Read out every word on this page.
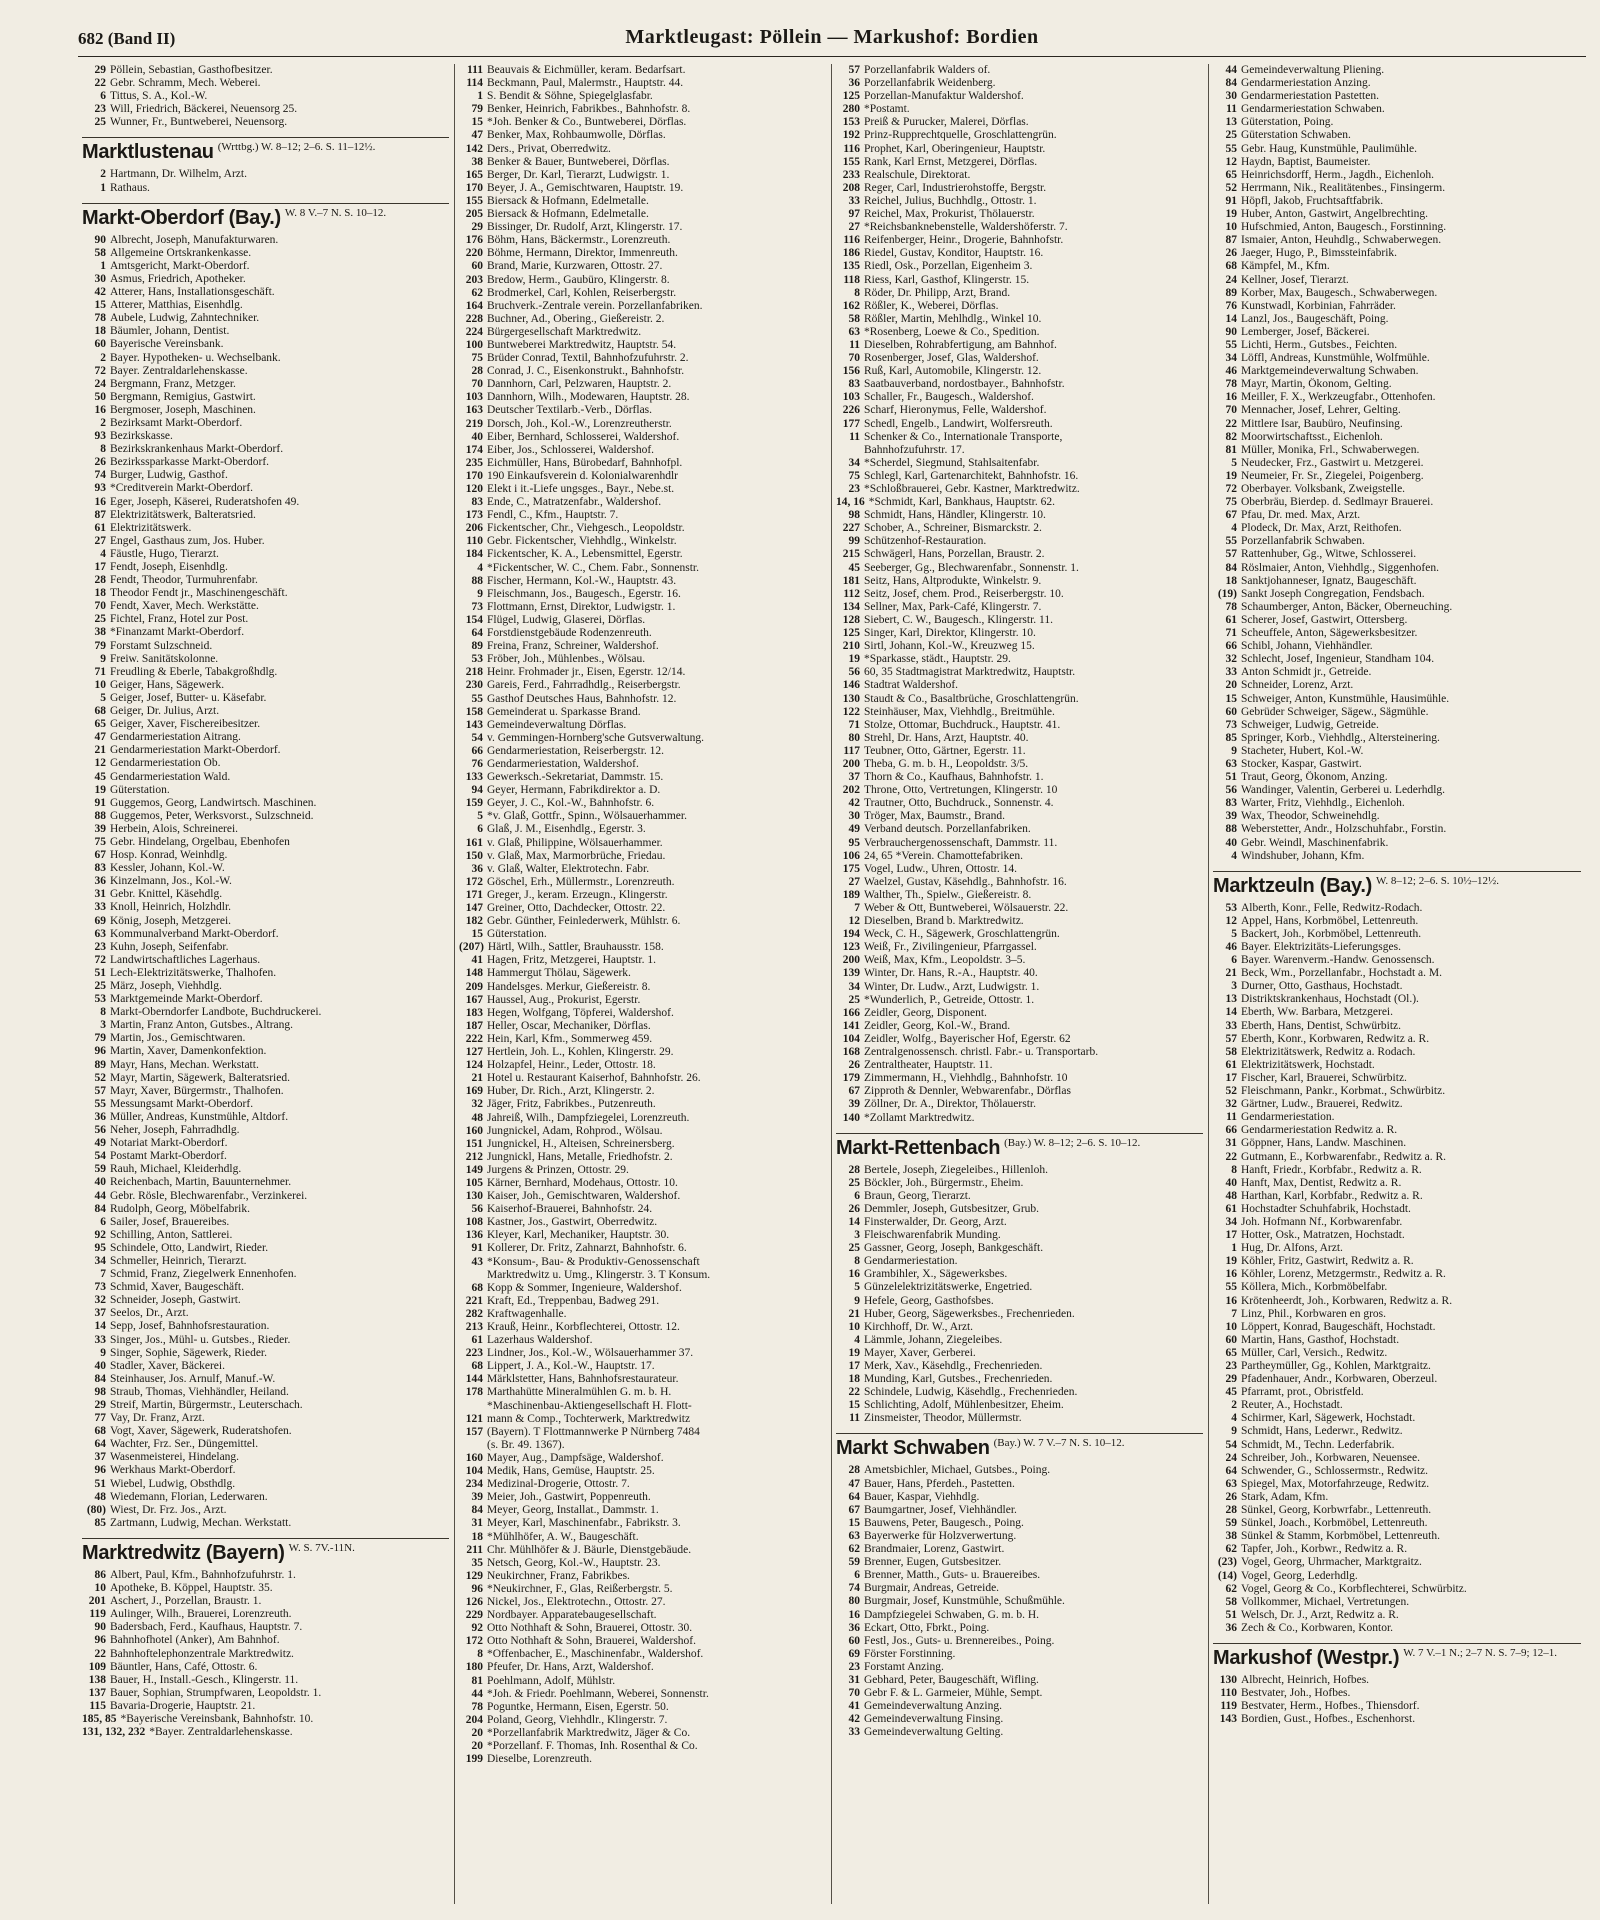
682 (Band II)	Marktleugast: Pöllein — Markushof: Bordien
29 Pöllein, Sebastian, Gasthofbesitzer.
22 Gebr. Schramm, Mech. Weberei.
6 Tittus, S. A., Kol.-W.
23 Will, Friedrich, Bäckerei, Neuensorg 25.
25 Wunner, Fr., Buntweberei, Neuensorg.
Marktlustenau (Wrttbg.) W. 8–12; 2–6. S. 11–12½.
2 Hartmann, Dr. Wilhelm, Arzt.
1 Rathaus.
Markt-Oberdorf (Bay.) W. 8 V.–7 N. S. 10–12.
90 Albrecht, Joseph, Manufakturwaren.
58 Allgemeine Ortskrankenkasse.
1 Amtsgericht, Markt-Oberdorf.
30 Asmus, Friedrich, Apotheker.
42 Atterer, Hans, Installationsgeschäft.
15 Atterer, Matthias, Eisenhdlg.
78 Aubele, Ludwig, Zahntechniker.
18 Bäumler, Johann, Dentist.
60 Bayerische Vereinsbank.
2 Bayer. Hypotheken- u. Wechselbank.
72 Bayer. Zentraldarlehenskasse.
24 Bergmann, Franz, Metzger.
50 Bergmann, Remigius, Gastwirt.
16 Bergmoser, Joseph, Maschinen.
2 Bezirksamt Markt-Oberdorf.
93 Bezirkskasse.
8 Bezirkskrankenhaus Markt-Oberdorf.
26 Bezirkssparkasse Markt-Oberdorf.
74 Burger, Ludwig, Gasthof.
93 *Creditverein Markt-Oberdorf.
16 Eger, Joseph, Käserei, Ruderatshofen 49.
87 Elektrizitätswerk, Balteratsried.
61 Elektrizitätswerk.
27 Engel, Gasthaus zum, Jos. Huber.
4 Fäustle, Hugo, Tierarzt.
17 Fendt, Joseph, Eisenhdlg.
28 Fendt, Theodor, Turmuhrenfabr.
18 Theodor Fendt jr., Maschinengeschäft.
70 Fendt, Xaver, Mech. Werkstätte.
25 Fichtel, Franz, Hotel zur Post.
38 *Finanzamt Markt-Oberdorf.
79 Forstamt Sulzschneid.
9 Freiw. Sanitätskolonne.
71 Freudling & Eberle, Tabakgroßhdlg.
10 Geiger, Hans, Sägewerk.
5 Geiger, Josef, Butter- u. Käsefabr.
68 Geiger, Dr. Julius, Arzt.
65 Geiger, Xaver, Fischereibesitzer.
47 Gendarmeriestation Aitrang.
21 Gendarmeriestation Markt-Oberdorf.
12 Gendarmeriestation Ob.
45 Gendarmeriestation Wald.
19 Güterstation.
91 Guggemos, Georg, Landwirtsch. Maschinen.
88 Guggemos, Peter, Werksvorst., Sulzschneid.
39 Herbein, Alois, Schreinerei.
75 Gebr. Hindelang, Orgelbau, Ebenhofen
67 Hosp. Konrad, Weinhdlg.
83 Kessler, Johann, Kol.-W.
36 Kinzelmann, Jos., Kol.-W.
31 Gebr. Knittel, Käsehdlg.
33 Knoll, Heinrich, Holzhdlr.
69 König, Joseph, Metzgerei.
63 Kommunalverband Markt-Oberdorf.
23 Kuhn, Joseph, Seifenfabr.
72 Landwirtschaftliches Lagerhaus.
51 Lech-Elektrizitätswerke, Thalhofen.
25 März, Joseph, Viehhdlg.
53 Marktgemeinde Markt-Oberdorf.
8 Markt-Oberndorfer Landbote, Buchdruckerei.
3 Martin, Franz Anton, Gutsbes., Altrang.
79 Martin, Jos., Gemischtwaren.
96 Martin, Xaver, Damenkonfektion.
89 Mayr, Hans, Mechan. Werkstatt.
52 Mayr, Martin, Sägewerk, Balteratsried.
57 Mayr, Xaver, Bürgermstr., Thalhofen.
55 Messungsamt Markt-Oberdorf.
36 Müller, Andreas, Kunstmühle, Altdorf.
56 Neher, Joseph, Fahrradhdlg.
49 Notariat Markt-Oberdorf.
54 Postamt Markt-Oberdorf.
59 Rauh, Michael, Kleiderhdlg.
40 Reichenbach, Martin, Bauunternehmer.
44 Gebr. Rösle, Blechwarenfabr., Verzinkerei.
84 Rudolph, Georg, Möbelfabrik.
6 Sailer, Josef, Brauereibes.
92 Schilling, Anton, Sattlerei.
95 Schindele, Otto, Landwirt, Rieder.
34 Schmeller, Heinrich, Tierarzt.
7 Schmid, Franz, Ziegelwerk Ennenhofen.
73 Schmid, Xaver, Baugeschäft.
32 Schneider, Joseph, Gastwirt.
37 Seelos, Dr., Arzt.
14 Sepp, Josef, Bahnhofsrestauration.
33 Singer, Jos., Mühl- u. Gutsbes., Rieder.
9 Singer, Sophie, Sägewerk, Rieder.
40 Stadler, Xaver, Bäckerei.
84 Steinhauser, Jos. Arnulf, Manuf.-W.
98 Straub, Thomas, Viehhändler, Heiland.
29 Streif, Martin, Bürgermstr., Leuterschach.
77 Vay, Dr. Franz, Arzt.
68 Vogt, Xaver, Sägewerk, Ruderatshofen.
64 Wachter, Frz. Ser., Düngemittel.
37 Wasenmeisterei, Hindelang.
96 Werkhaus Markt-Oberdorf.
51 Wiebel, Ludwig, Obsthdlg.
48 Wiedemann, Florian, Lederwaren.
(80) Wiest, Dr. Frz. Jos., Arzt.
85 Zartmann, Ludwig, Mechan. Werkstatt.
Marktredwitz (Bayern) W. S. 7V.-11N.
86 Albert, Paul, Kfm., Bahnhofzufuhrstr. 1.
10 Apotheke, B. Köppel, Hauptstr. 35.
201 Aschert, J., Porzellan, Braustr. 1.
119 Aulinger, Wilh., Brauerei, Lorenzreuth.
90 Badersbach, Ferd., Kaufhaus, Hauptstr. 7.
96 Bahnhofhotel (Anker), Am Bahnhof.
22 Bahnhoftelephonzentrale Marktredwitz.
109 Bäuntler, Hans, Café, Ottostr. 6.
138 Bauer, H., Install.-Gesch., Klingerstr. 11.
137 Bauer, Sophian, Strumpfwaren, Leopoldstr. 1.
115 Bavaria-Drogerie, Hauptstr. 21.
185, 85 *Bayerische Vereinsbank, Bahnhofstr. 10.
131, 132, 232 *Bayer. Zentraldarlehenskasse.
111 Beauvais & Eichmüller, keram. Bedarfsart.
114 Beckmann, Paul, Malermstr., Hauptstr. 44.
1 S. Bendit & Söhne, Spiegelglasfabr.
79 Benker, Heinrich, Fabrikbes., Bahnhofstr. 8.
15 *Joh. Benker & Co., Buntweberei, Dörflas.
47 Benker, Max, Rohbaumwolle, Dörflas.
142 Ders., Privat, Oberredwitz.
38 Benker & Bauer, Buntweberei, Dörflas.
165 Berger, Dr. Karl, Tierarzt, Ludwigstr. 1.
170 Beyer, J. A., Gemischtwaren, Hauptstr. 19.
155 Biersack & Hofmann, Edelmetalle.
205 Biersack & Hofmann, Edelmetalle.
29 Bissinger, Dr. Rudolf, Arzt, Klingerstr. 17.
176 Böhm, Hans, Bäckermstr., Lorenzreuth.
220 Böhme, Hermann, Direktor, Immenreuth.
60 Brand, Marie, Kurzwaren, Ottostr. 27.
203 Bredow, Herm., Gaubüro, Klingerstr. 8.
62 Brodmerkel, Carl, Kohlen, Reiserbergstr.
164 Bruchverk.-Zentrale verein. Porzellanfabriken.
228 Buchner, Ad., Obering., Gießereistr. 2.
224 Bürgergesellschaft Marktredwitz.
100 Buntweberei Marktredwitz, Hauptstr. 54.
75 Brüder Conrad, Textil, Bahnhofzufuhrstr. 2.
28 Conrad, J. C., Eisenkonstrukt., Bahnhofstr.
70 Dannhorn, Carl, Pelzwaren, Hauptstr. 2.
103 Dannhorn, Wilh., Modewaren, Hauptstr. 28.
163 Deutscher Textilarb.-Verb., Dörflas.
219 Dorsch, Joh., Kol.-W., Lorenzreutherstr.
40 Eiber, Bernhard, Schlosserei, Waldershof.
174 Eiber, Jos., Schlosserei, Waldershof.
235 Eichmüller, Hans, Bürobedarf, Bahnhofpl.
170 190 Einkaufsverein d. Kolonialwarenhdlr
120 Elekt i it.-Liefe ungsges., Bayr., Nebe.st.
83 Ende, C., Matratzenfabr., Waldershof.
173 Fendl, C., Kfm., Hauptstr. 7.
206 Fickentscher, Chr., Viehgesch., Leopoldstr.
110 Gebr. Fickentscher, Viehhdlg., Winkelstr.
184 Fickentscher, K. A., Lebensmittel, Egerstr.
4 *Fickentscher, W. C., Chem. Fabr., Sonnenstr.
88 Fischer, Hermann, Kol.-W., Hauptstr. 43.
9 Fleischmann, Jos., Baugesch., Egerstr. 16.
73 Flottmann, Ernst, Direktor, Ludwigstr. 1.
154 Flügel, Ludwig, Glaserei, Dörflas.
64 Forstdienstgebäude Rodenzenreuth.
89 Freina, Franz, Schreiner, Waldershof.
53 Fröber, Joh., Mühlenbes., Wölsau.
218 Heinr. Frohmader jr., Eisen, Egerstr. 12/14.
230 Gareis, Ferd., Fahrradhdlg., Reiserbergstr.
55 Gasthof Deutsches Haus, Bahnhofstr. 12.
158 Gemeinderat u. Sparkasse Brand.
143 Gemeindeverwaltung Dörflas.
54 v. Gemmingen-Hornberg'sche Gutsverwaltung.
66 Gendarmeriestation, Reiserbergstr. 12.
76 Gendarmeriestation, Waldershof.
133 Gewerksch.-Sekretariat, Dammstr. 15.
94 Geyer, Hermann, Fabrikdirektor a. D.
159 Geyer, J. C., Kol.-W., Bahnhofstr. 6.
5 *v. Glaß, Gottfr., Spinn., Wölsauerhammer.
6 Glaß, J. M., Eisenhdlg., Egerstr. 3.
161 v. Glaß, Philippine, Wölsauerhammer.
150 v. Glaß, Max, Marmorbrüche, Friedau.
36 v. Glaß, Walter, Elektrotechn. Fabr.
172 Göschel, Erh., Müllermstr., Lorenzreuth.
171 Greger, J., keram. Erzeugn., Klingerstr.
147 Greiner, Otto, Dachdecker, Ottostr. 22.
182 Gebr. Günther, Feinlederwerk, Mühlstr. 6.
15 Güterstation.
(207) Härtl, Wilh., Sattler, Brauhausstr. 158.
41 Hagen, Fritz, Metzgerei, Hauptstr. 1.
148 Hammergut Thölau, Sägewerk.
209 Handelsges. Merkur, Gießereistr. 8.
167 Haussel, Aug., Prokurist, Egerstr.
183 Hegen, Wolfgang, Töpferei, Waldershof.
187 Heller, Oscar, Mechaniker, Dörflas.
222 Hein, Karl, Kfm., Sommerweg 459.
127 Hertlein, Joh. L., Kohlen, Klingerstr. 29.
124 Holzapfel, Heinr., Leder, Ottostr. 18.
21 Hotel u. Restaurant Kaiserhof, Bahnhofstr. 26.
169 Huber, Dr. Rich., Arzt, Klingerstr. 2.
32 Jäger, Fritz, Fabrikbes., Putzenreuth.
48 Jahreiß, Wilh., Dampfziegelei, Lorenzreuth.
160 Jungnickel, Adam, Rohprod., Wölsau.
151 Jungnickel, H., Alteisen, Schreinersberg.
212 Jungnickl, Hans, Metalle, Friedhofstr. 2.
149 Jurgens & Prinzen, Ottostr. 29.
105 Kärner, Bernhard, Modehaus, Ottostr. 10.
130 Kaiser, Joh., Gemischtwaren, Waldershof.
56 Kaiserhof-Brauerei, Bahnhofstr. 24.
108 Kastner, Jos., Gastwirt, Oberredwitz.
136 Kleyer, Karl, Mechaniker, Hauptstr. 30.
91 Kollerer, Dr. Fritz, Zahnarzt, Bahnhofstr. 6.
43 *Konsum-, Bau- & Produktiv-Genossenschaft
Marktredwitz u. Umg., Klingerstr. 3. T Konsum.
68 Kopp & Sommer, Ingenieure, Waldershof.
221 Kraft, Ed., Treppenbau, Badweg 291.
282 Kraftwagenhalle.
213 Krauß, Heinr., Korbflechterei, Ottostr. 12.
61 Lazerhaus Waldershof.
223 Lindner, Jos., Kol.-W., Wölsauerhammer 37.
68 Lippert, J. A., Kol.-W., Hauptstr. 17.
144 Märklstetter, Hans, Bahnhofsrestaurateur.
178 Marthahütte Mineralmühlen G. m. b. H.
*Maschinenbau-Aktiengesellschaft H. Flott-
121 mann & Comp., Tochterwerk, Marktredwitz
157 (Bayern). T Flottmannwerke P Nürnberg 7484
(s. Br. 49. 1367).
160 Mayer, Aug., Dampfsäge, Waldershof.
104 Medik, Hans, Gemüse, Hauptstr. 25.
234 Medizinal-Drogerie, Ottostr. 7.
39 Meier, Joh., Gastwirt, Poppenreuth.
84 Meyer, Georg, Installat., Dammstr. 1.
31 Meyer, Karl, Maschinenfabr., Fabrikstr. 3.
18 *Mühlhöfer, A. W., Baugeschäft.
211 Chr. Mühlhöfer & J. Bäurle, Dienstgebäude.
35 Netsch, Georg, Kol.-W., Hauptstr. 23.
129 Neukirchner, Franz, Fabrikbes.
96 *Neukirchner, F., Glas, Reißerbergstr. 5.
126 Nickel, Jos., Elektrotechn., Ottostr. 27.
229 Nordbayer. Apparatebaugesellschaft.
92 Otto Nothhaft & Sohn, Brauerei, Ottostr. 30.
172 Otto Nothhaft & Sohn, Brauerei, Waldershof.
8 *Offenbacher, E., Maschinenfabr., Waldershof.
180 Pfeufer, Dr. Hans, Arzt, Waldershof.
81 Poehlmann, Adolf, Mühlstr.
44 *Joh. & Friedr. Poehlmann, Weberei, Sonnenstr.
78 Poguntke, Hermann, Eisen, Egerstr. 50.
204 Poland, Georg, Viehhdlr., Klingerstr. 7.
20 *Porzellanfabrik Marktredwitz, Jäger & Co.
20 *Porzellanf. F. Thomas, Inh. Rosenthal & Co.
199 Dieselbe, Lorenzreuth.
57 Porzellanfabrik Walders of.
36 Porzellanfabrik Weidenberg.
125 Porzellan-Manufaktur Waldershof.
280 *Postamt.
153 Preiß & Purucker, Malerei, Dörflas.
192 Prinz-Rupprechtquelle, Groschlattengrün.
116 Prophet, Karl, Oberingenieur, Hauptstr.
155 Rank, Karl Ernst, Metzgerei, Dörflas.
233 Realschule, Direktorat.
208 Reger, Carl, Industrierohstoffe, Bergstr.
33 Reichel, Julius, Buchhdlg., Ottostr. 1.
97 Reichel, Max, Prokurist, Thölauerstr.
27 *Reichsbanknebenstelle, Waldershöferstr. 7.
116 Reifenberger, Heinr., Drogerie, Bahnhofstr.
186 Riedel, Gustav, Konditor, Hauptstr. 16.
135 Riedl, Osk., Porzellan, Eigenheim 3.
118 Riess, Karl, Gasthof, Klingerstr. 15.
8 Röder, Dr. Philipp, Arzt, Brand.
162 Rößler, K., Weberei, Dörflas.
58 Rößler, Martin, Mehlhdlg., Winkel 10.
63 *Rosenberg, Loewe & Co., Spedition.
11 Dieselben, Rohrabfertigung, am Bahnhof.
70 Rosenberger, Josef, Glas, Waldershof.
156 Ruß, Karl, Automobile, Klingerstr. 12.
83 Saatbauverband, nordostbayer., Bahnhofstr.
103 Schaller, Fr., Baugesch., Waldershof.
226 Scharf, Hieronymus, Felle, Waldershof.
177 Schedl, Engelb., Landwirt, Wolfersreuth.
11 Schenker & Co., Internationale Transporte,
Bahnhofzufuhrstr. 17.
34 *Scherdel, Siegmund, Stahlsaitenfabr.
75 Schlegl, Karl, Gartenarchitekt, Bahnhofstr. 16.
23 *Schloßbrauerei, Gebr. Kastner, Marktredwitz.
14, 16 *Schmidt, Karl, Bankhaus, Hauptstr. 62.
98 Schmidt, Hans, Händler, Klingerstr. 10.
227 Schober, A., Schreiner, Bismarckstr. 2.
99 Schützenhof-Restauration.
215 Schwägerl, Hans, Porzellan, Braustr. 2.
45 Seeberger, Gg., Blechwarenfabr., Sonnenstr. 1.
181 Seitz, Hans, Altprodukte, Winkelstr. 9.
112 Seitz, Josef, chem. Prod., Reiserbergstr. 10.
134 Sellner, Max, Park-Café, Klingerstr. 7.
128 Siebert, C. W., Baugesch., Klingerstr. 11.
125 Singer, Karl, Direktor, Klingerstr. 10.
210 Sirtl, Johann, Kol.-W., Kreuzweg 15.
19 *Sparkasse, städt., Hauptstr. 29.
56 60, 35 Stadtmagistrat Marktredwitz, Hauptstr.
146 Stadtrat Waldershof.
130 Staudt & Co., Basaltbrüche, Groschlattengrün.
122 Steinhäuser, Max, Viehhdlg., Breitmühle.
71 Stolze, Ottomar, Buchdruck., Hauptstr. 41.
80 Strehl, Dr. Hans, Arzt, Hauptstr. 40.
117 Teubner, Otto, Gärtner, Egerstr. 11.
200 Theba, G. m. b. H., Leopoldstr. 3/5.
37 Thorn & Co., Kaufhaus, Bahnhofstr. 1.
202 Throne, Otto, Vertretungen, Klingerstr. 10
42 Trautner, Otto, Buchdruck., Sonnenstr. 4.
30 Tröger, Max, Baumstr., Brand.
49 Verband deutsch. Porzellanfabriken.
95 Verbrauchergenossenschaft, Dammstr. 11.
106 24, 65 *Verein. Chamottefabriken.
175 Vogel, Ludw., Uhren, Ottostr. 14.
27 Waelzel, Gustav, Käsehdlg., Bahnhofstr. 16.
189 Walther, Th., Spielw., Gießereistr. 8.
7 Weber & Ott, Buntweberei, Wölsauerstr. 22.
12 Dieselben, Brand b. Marktredwitz.
194 Weck, C. H., Sägewerk, Groschlattengrün.
123 Weiß, Fr., Zivilingenieur, Pfarrgassel.
200 Weiß, Max, Kfm., Leopoldstr. 3–5.
139 Winter, Dr. Hans, R.-A., Hauptstr. 40.
34 Winter, Dr. Ludw., Arzt, Ludwigstr. 1.
25 *Wunderlich, P., Getreide, Ottostr. 1.
166 Zeidler, Georg, Disponent.
141 Zeidler, Georg, Kol.-W., Brand.
104 Zeidler, Wolfg., Bayerischer Hof, Egerstr. 62
168 Zentralgenossensch. christl. Fabr.- u. Transportarb.
26 Zentraltheater, Hauptstr. 11.
179 Zimmermann, H., Viehhdlg., Bahnhofstr. 10
67 Zipproth & Dennler, Webwarenfabr., Dörflas
39 Zöllner, Dr. A., Direktor, Thölauerstr.
140 *Zollamt Marktredwitz.
Markt-Rettenbach (Bay.) W. 8–12; 2–6. S. 10–12.
28 Bertele, Joseph, Ziegeleibes., Hillenloh.
25 Böckler, Joh., Bürgermstr., Eheim.
6 Braun, Georg, Tierarzt.
26 Demmler, Joseph, Gutsbesitzer, Grub.
14 Finsterwalder, Dr. Georg, Arzt.
3 Fleischwarenfabrik Munding.
25 Gassner, Georg, Joseph, Bankgeschäft.
8 Gendarmeriestation.
16 Grambihler, X., Sägewerksbes.
5 Günzelelektrizitätswerke, Engetried.
9 Hefele, Georg, Gasthofsbes.
21 Huber, Georg, Sägewerksbes., Frechenrieden.
10 Kirchhoff, Dr. W., Arzt.
4 Lämmle, Johann, Ziegeleibes.
19 Mayer, Xaver, Gerberei.
17 Merk, Xav., Käsehdlg., Frechenrieden.
18 Munding, Karl, Gutsbes., Frechenrieden.
22 Schindele, Ludwig, Käsehdlg., Frechenrieden.
15 Schlichting, Adolf, Mühlenbesitzer, Eheim.
11 Zinsmeister, Theodor, Müllermstr.
Markt Schwaben (Bay.) W. 7 V.–7 N. S. 10–12.
28 Ametsbichler, Michael, Gutsbes., Poing.
47 Bauer, Hans, Pferdeh., Pastetten.
64 Bauer, Kaspar, Viehhdlg.
67 Baumgartner, Josef, Viehhändler.
15 Bauwens, Peter, Baugesch., Poing.
63 Bayerwerke für Holzverwertung.
62 Brandmaier, Lorenz, Gastwirt.
59 Brenner, Eugen, Gutsbesitzer.
6 Brenner, Matth., Guts- u. Brauereibes.
74 Burgmair, Andreas, Getreide.
80 Burgmair, Josef, Kunstmühle, Schußmühle.
16 Dampfziegelei Schwaben, G. m. b. H.
36 Eckart, Otto, Fbrkt., Poing.
60 Festl, Jos., Guts- u. Brennereibes., Poing.
69 Förster Forstinning.
23 Forstamt Anzing.
31 Gebhard, Peter, Baugeschäft, Wifling.
70 Gebr F. & L. Garmeier, Mühle, Sempt.
41 Gemeindeverwaltung Anzing.
42 Gemeindeverwaltung Finsing.
33 Gemeindeverwaltung Gelting.
44 Gemeindeverwaltung Pliening.
84 Gendarmeriestation Anzing.
30 Gendarmeriestation Pastetten.
11 Gendarmeriestation Schwaben.
13 Güterstation, Poing.
25 Güterstation Schwaben.
55 Gebr. Haug, Kunstmühle, Paulimühle.
12 Haydn, Baptist, Baumeister.
65 Heinrichsdorff, Herm., Jagdh., Eichenloh.
52 Herrmann, Nik., Realitätenbes., Finsingerm.
91 Höpfl, Jakob, Fruchtsaftfabrik.
19 Huber, Anton, Gastwirt, Angelbrechting.
10 Hufschmied, Anton, Baugesch., Forstinning.
87 Ismaier, Anton, Heuhdlg., Schwaberwegen.
26 Jaeger, Hugo, P., Bimssteinfabrik.
68 Kämpfel, M., Kfm.
24 Kellner, Josef, Tierarzt.
89 Korber, Max, Baugesch., Schwaberwegen.
76 Kunstwadl, Korbinian, Fahrräder.
14 Lanzl, Jos., Baugeschäft, Poing.
90 Lemberger, Josef, Bäckerei.
55 Lichti, Herm., Gutsbes., Feichten.
34 Löffl, Andreas, Kunstmühle, Wolfmühle.
46 Marktgemeindeverwaltung Schwaben.
78 Mayr, Martin, Ökonom, Gelting.
16 Meiller, F. X., Werkzeugfabr., Ottenhofen.
70 Mennacher, Josef, Lehrer, Gelting.
22 Mittlere Isar, Baubüro, Neufinsing.
82 Moorwirtschaftsst., Eichenloh.
81 Müller, Monika, Frl., Schwaberwegen.
5 Neudecker, Frz., Gastwirt u. Metzgerei.
19 Neumeier, Fr. Sr., Ziegelei, Poigenberg.
72 Oberbayer. Volksbank, Zweigstelle.
75 Oberbräu, Bierdep. d. Sedlmayr Brauerei.
67 Pfau, Dr. med. Max, Arzt.
4 Plodeck, Dr. Max, Arzt, Reithofen.
55 Porzellanfabrik Schwaben.
57 Rattenhuber, Gg., Witwe, Schlosserei.
84 Röslmaier, Anton, Viehhdlg., Siggenhofen.
18 Sanktjohanneser, Ignatz, Baugeschäft.
(19) Sankt Joseph Congregation, Fendsbach.
78 Schaumberger, Anton, Bäcker, Oberneuching.
61 Scherer, Josef, Gastwirt, Ottersberg.
71 Scheuffele, Anton, Sägewerksbesitzer.
66 Schibl, Johann, Viehhändler.
32 Schlecht, Josef, Ingenieur, Standham 104.
33 Anton Schmidt jr., Getreide.
20 Schneider, Lorenz, Arzt.
15 Schweiger, Anton, Kunstmühle, Hausimühle.
60 Gebrüder Schweiger, Sägew., Sägmühle.
73 Schweiger, Ludwig, Getreide.
85 Springer, Korb., Viehhdlg., Altersteinering.
9 Stacheter, Hubert, Kol.-W.
63 Stocker, Kaspar, Gastwirt.
51 Traut, Georg, Ökonom, Anzing.
56 Wandinger, Valentin, Gerberei u. Lederhdlg.
83 Warter, Fritz, Viehhdlg., Eichenloh.
39 Wax, Theodor, Schweinehdlg.
88 Weberstetter, Andr., Holzschuhfabr., Forstin.
40 Gebr. Weindl, Maschinenfabrik.
4 Windshuber, Johann, Kfm.
Marktzeuln (Bay.) W. 8–12; 2–6. S. 10½–12½.
53 Alberth, Konr., Felle, Redwitz-Rodach.
12 Appel, Hans, Korbmöbel, Lettenreuth.
5 Backert, Joh., Korbmöbel, Lettenreuth.
46 Bayer. Elektrizitäts-Lieferungsges.
6 Bayer. Warenverm.-Handw. Genossensch.
21 Beck, Wm., Porzellanfabr., Hochstadt a. M.
3 Durner, Otto, Gasthaus, Hochstadt.
13 Distriktskrankenhaus, Hochstadt (Ol.).
14 Eberth, Ww. Barbara, Metzgerei.
33 Eberth, Hans, Dentist, Schwürbitz.
57 Eberth, Konr., Korbwaren, Redwitz a. R.
58 Elektrizitätswerk, Redwitz a. Rodach.
61 Elektrizitätswerk, Hochstadt.
17 Fischer, Karl, Brauerei, Schwürbitz.
52 Fleischmann, Pankr., Korbmat., Schwürbitz.
32 Gärtner, Ludw., Brauerei, Redwitz.
11 Gendarmeriestation.
66 Gendarmeriestation Redwitz a. R.
31 Göppner, Hans, Landw. Maschinen.
22 Gutmann, E., Korbwarenfabr., Redwitz a. R.
8 Hanft, Friedr., Korbfabr., Redwitz a. R.
40 Hanft, Max, Dentist, Redwitz a. R.
48 Harthan, Karl, Korbfabr., Redwitz a. R.
61 Hochstadter Schuhfabrik, Hochstadt.
34 Joh. Hofmann Nf., Korbwarenfabr.
17 Hotter, Osk., Matratzen, Hochstadt.
1 Hug, Dr. Alfons, Arzt.
19 Köhler, Fritz, Gastwirt, Redwitz a. R.
16 Köhler, Lorenz, Metzgermstr., Redwitz a. R.
55 Köllera, Mich., Korbmöbelfabr.
16 Krötenheerdt, Joh., Korbwaren, Redwitz a. R.
7 Linz, Phil., Korbwaren en gros.
10 Löppert, Konrad, Baugeschäft, Hochstadt.
60 Martin, Hans, Gasthof, Hochstadt.
65 Müller, Carl, Versich., Redwitz.
23 Partheymüller, Gg., Kohlen, Marktgraitz.
29 Pfadenhauer, Andr., Korbwaren, Oberzeul.
45 Pfarramt, prot., Obristfeld.
2 Reuter, A., Hochstadt.
4 Schirmer, Karl, Sägewerk, Hochstadt.
9 Schmidt, Hans, Lederwr., Redwitz.
54 Schmidt, M., Techn. Lederfabrik.
24 Schreiber, Joh., Korbwaren, Neuensee.
64 Schwender, G., Schlossermstr., Redwitz.
63 Spiegel, Max, Motorfahrzeuge, Redwitz.
26 Stark, Adam, Kfm.
28 Sünkel, Georg, Korbwrfabr., Lettenreuth.
59 Sünkel, Joach., Korbmöbel, Lettenreuth.
38 Sünkel & Stamm, Korbmöbel, Lettenreuth.
62 Tapfer, Joh., Korbwr., Redwitz a. R.
(23) Vogel, Georg, Uhrmacher, Marktgraitz.
(14) Vogel, Georg, Lederhdlg.
62 Vogel, Georg & Co., Korbflechterei, Schwürbitz.
58 Vollkommer, Michael, Vertretungen.
51 Welsch, Dr. J., Arzt, Redwitz a. R.
36 Zech & Co., Korbwaren, Kontor.
Markushof (Westpr.) W. 7 V.–1 N.; 2–7 N. S. 7–9; 12–1.
130 Albrecht, Heinrich, Hofbes.
110 Bestvater, Joh., Hofbes.
119 Bestvater, Herm., Hofbes., Thiensdorf.
143 Bordien, Gust., Hofbes., Eschenhorst.
